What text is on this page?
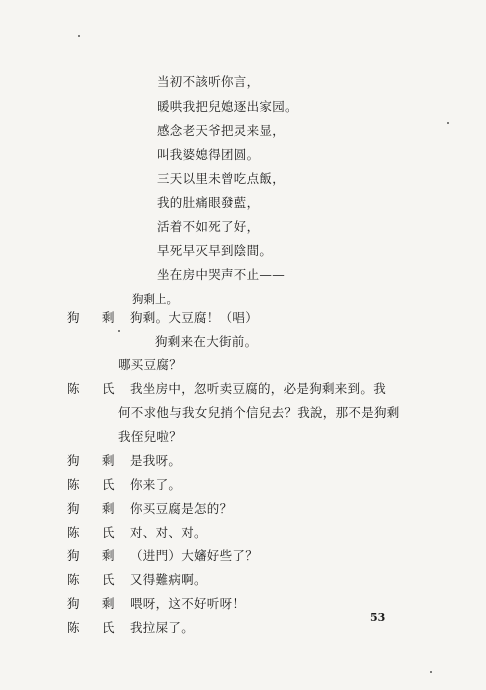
当初不該听你言，
暖哄我把兒媳逐出家园。
感念老天爷把灵来显，
叫我婆媳得团圆。
三天以里未曾吃点飯，
我的肚痛眼發藍，
活着不如死了好，
早死早灭早到陰間。
坐在房中哭声不止——
狗剩上。
狗　剩 狗剩。大豆腐！（唱）
狗剩来在大街前。
哪买豆腐？
陈　氏 我坐房中，忽听卖豆腐的，必是狗剩来到。我
何不求他与我女兒捎个信兒去？我說，那不是狗剩
我侄兒啦？
狗　剩 是我呀。
陈　氏 你来了。
狗　剩 你买豆腐是怎的？
陈　氏 对、对、对。
狗　剩 （进門）大嬸好些了？
陈　氏 又得難病啊。
狗　剩 喂呀，这不好听呀！
陈　氏 我拉屎了。
53
